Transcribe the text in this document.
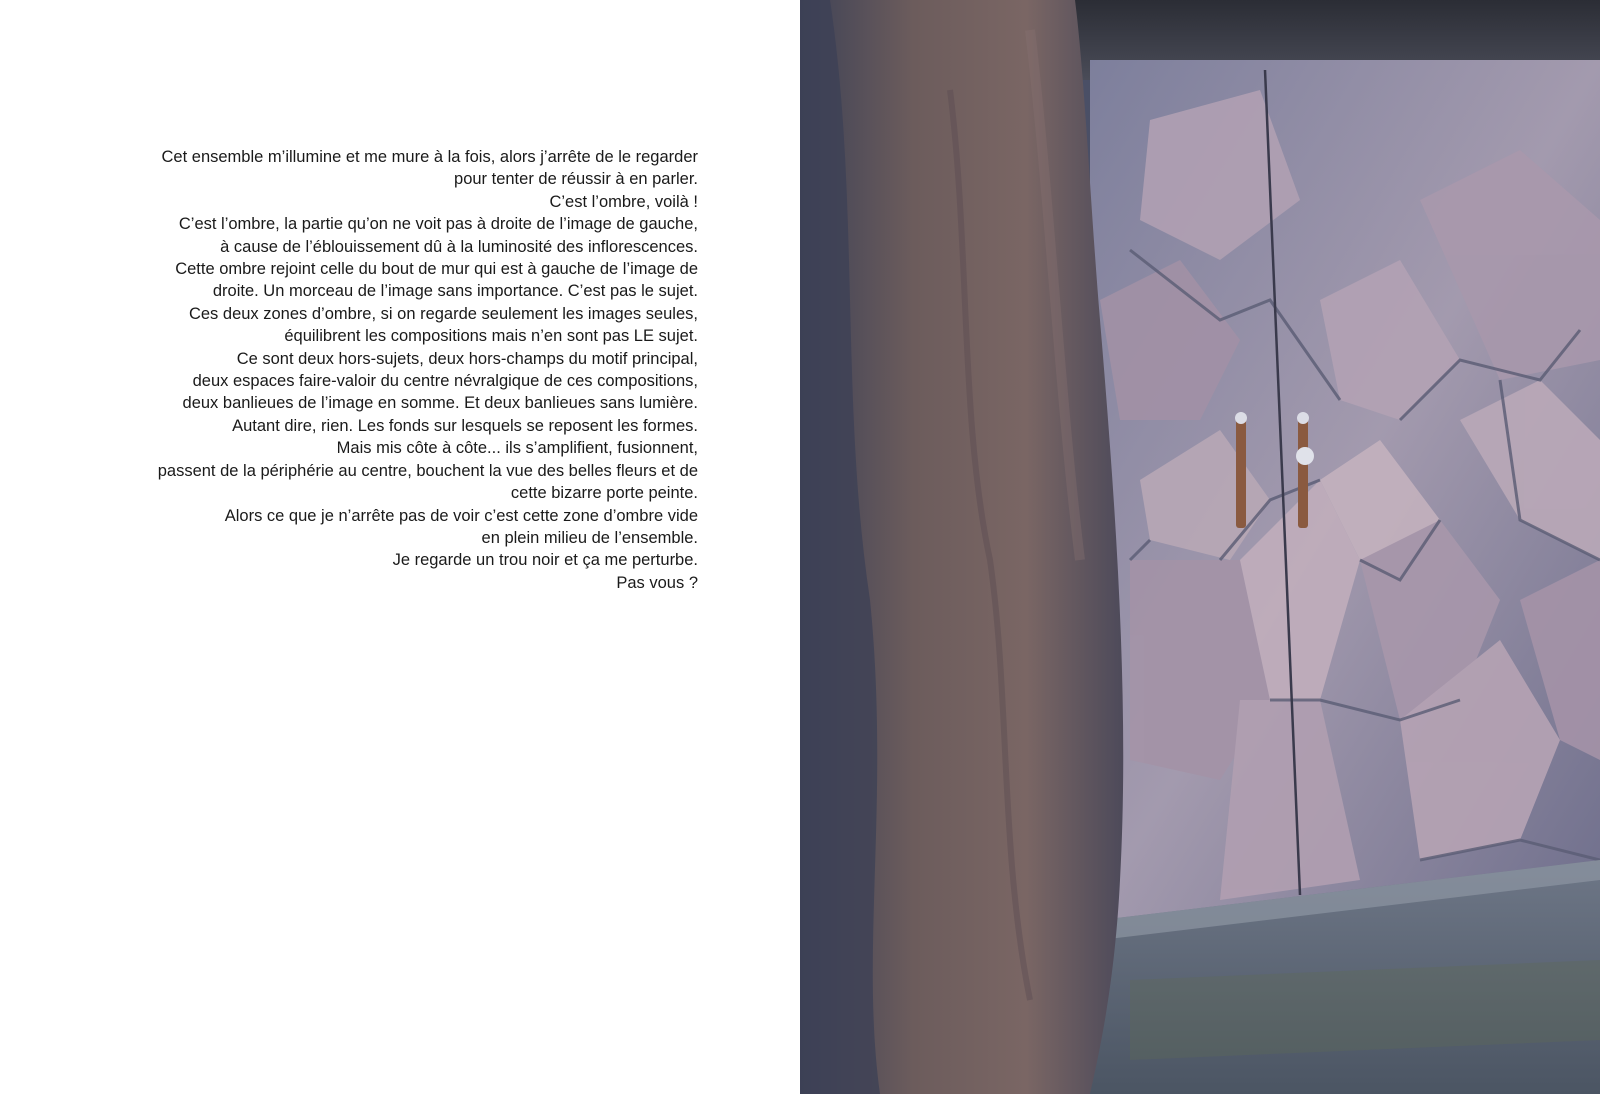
Cet ensemble m’illumine et me mure à la fois, alors j’arrête de le regarder
pour tenter de réussir à en parler.
C’est l’ombre, voilà !
C’est l’ombre, la partie qu’on ne voit pas à droite de l’image de gauche,
à cause de l’éblouissement dû à la luminosité des inflorescences.
Cette ombre rejoint celle du bout de mur qui est à gauche de l’image de
droite. Un morceau de l’image sans importance. C’est pas le sujet.
Ces deux zones d’ombre, si on regarde seulement les images seules,
équilibrent les compositions mais n’en sont pas LE sujet.
Ce sont deux hors-sujets, deux hors-champs du motif principal,
deux espaces faire-valoir du centre névralgique de ces compositions,
deux banlieues de l’image en somme. Et deux banlieues sans lumière.
Autant dire, rien. Les fonds sur lesquels se reposent les formes.
Mais mis côte à côte... ils s’amplifient, fusionnent,
passent de la périphérie au centre, bouchent la vue des belles fleurs et de
cette bizarre porte peinte.
Alors ce que je n’arrête pas de voir c’est cette zone d’ombre vide
en plein milieu de l’ensemble.
Je regarde un trou noir et ça me perturbe.
Pas vous ?
